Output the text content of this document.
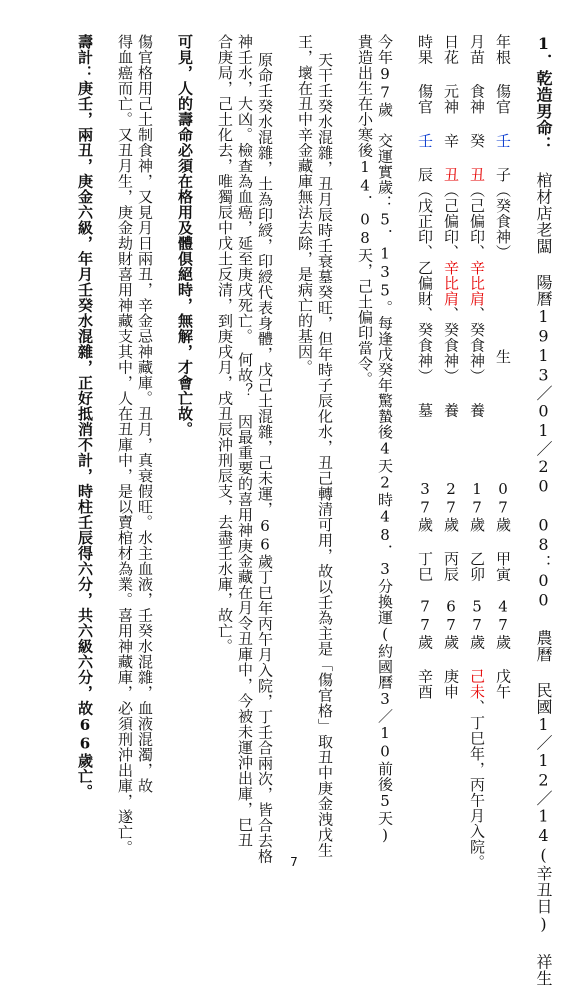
1．乾造男命： 棺材店老闆 陽曆1913／01／20 08：00 農曆 民國1／12／14(辛丑日) 祥生
年根 傷官 壬 子（癸食神） 生
月苗 食神 癸 丑（己偏印、辛比肩、癸食神） 養
日花 元神 辛 丑（己偏印、辛比肩、癸食神） 養
時果 傷官 壬 辰（戊正印、乙偏財、癸食神） 墓
07歲 甲寅　47歲 戊午
17歲 乙卯　57歲 己未、丁巳年，丙午月入院。
27歲 丙辰　67歲 庚申
37歲 丁巳　77歲 辛酉
今年97歲　交運實歲：5．135。每逢戊癸年驚蟄後4天2時48．3分換運(約國曆3／10前後5天)
貴造出生在小寒後14．08天，己土偏印當令。
天干壬癸水混雜，丑月辰時壬衰墓癸旺，但年時子辰化水，丑己轉清可用，故以壬為主是「傷官格」取丑中庚金洩戊生
王，壞在丑中辛金藏庫無法去除，是病亡的基因。
原命壬癸水混雜，土為印綬，印綬代表身體，戊己土混雜，己未運，66歲丁巳年丙午月入院，丁壬合兩次，皆合去格
神壬水，大凶。檢查為血癌，延至庚戌死亡。　何故？　因最重要的喜用神庚金藏在月令丑庫中，今被未運沖出庫，巳丑
合庚局，己土化去，唯獨辰中戊土反清，到庚戌月，戌丑辰沖刑辰支，去盡壬水庫，故亡。
可見，人的壽命必須在格用及體俱絕時，無解，才會亡故。
傷官格用己土制食神，又見月日兩丑，辛金忌神藏庫。丑月，真衰假旺。水主血液，壬癸水混雜，血液混濁，故
得血癌而亡。又丑月生，庚金劫財喜用神藏支其中，人在丑庫中，是以賣棺材為業。喜用神藏庫，必須刑沖出庫，遂亡。
壽計：庚壬，兩丑，庚金六級，年月壬癸水混雜，正好抵消不計，時柱壬辰得六分，共六級六分，故66歲亡。
7
